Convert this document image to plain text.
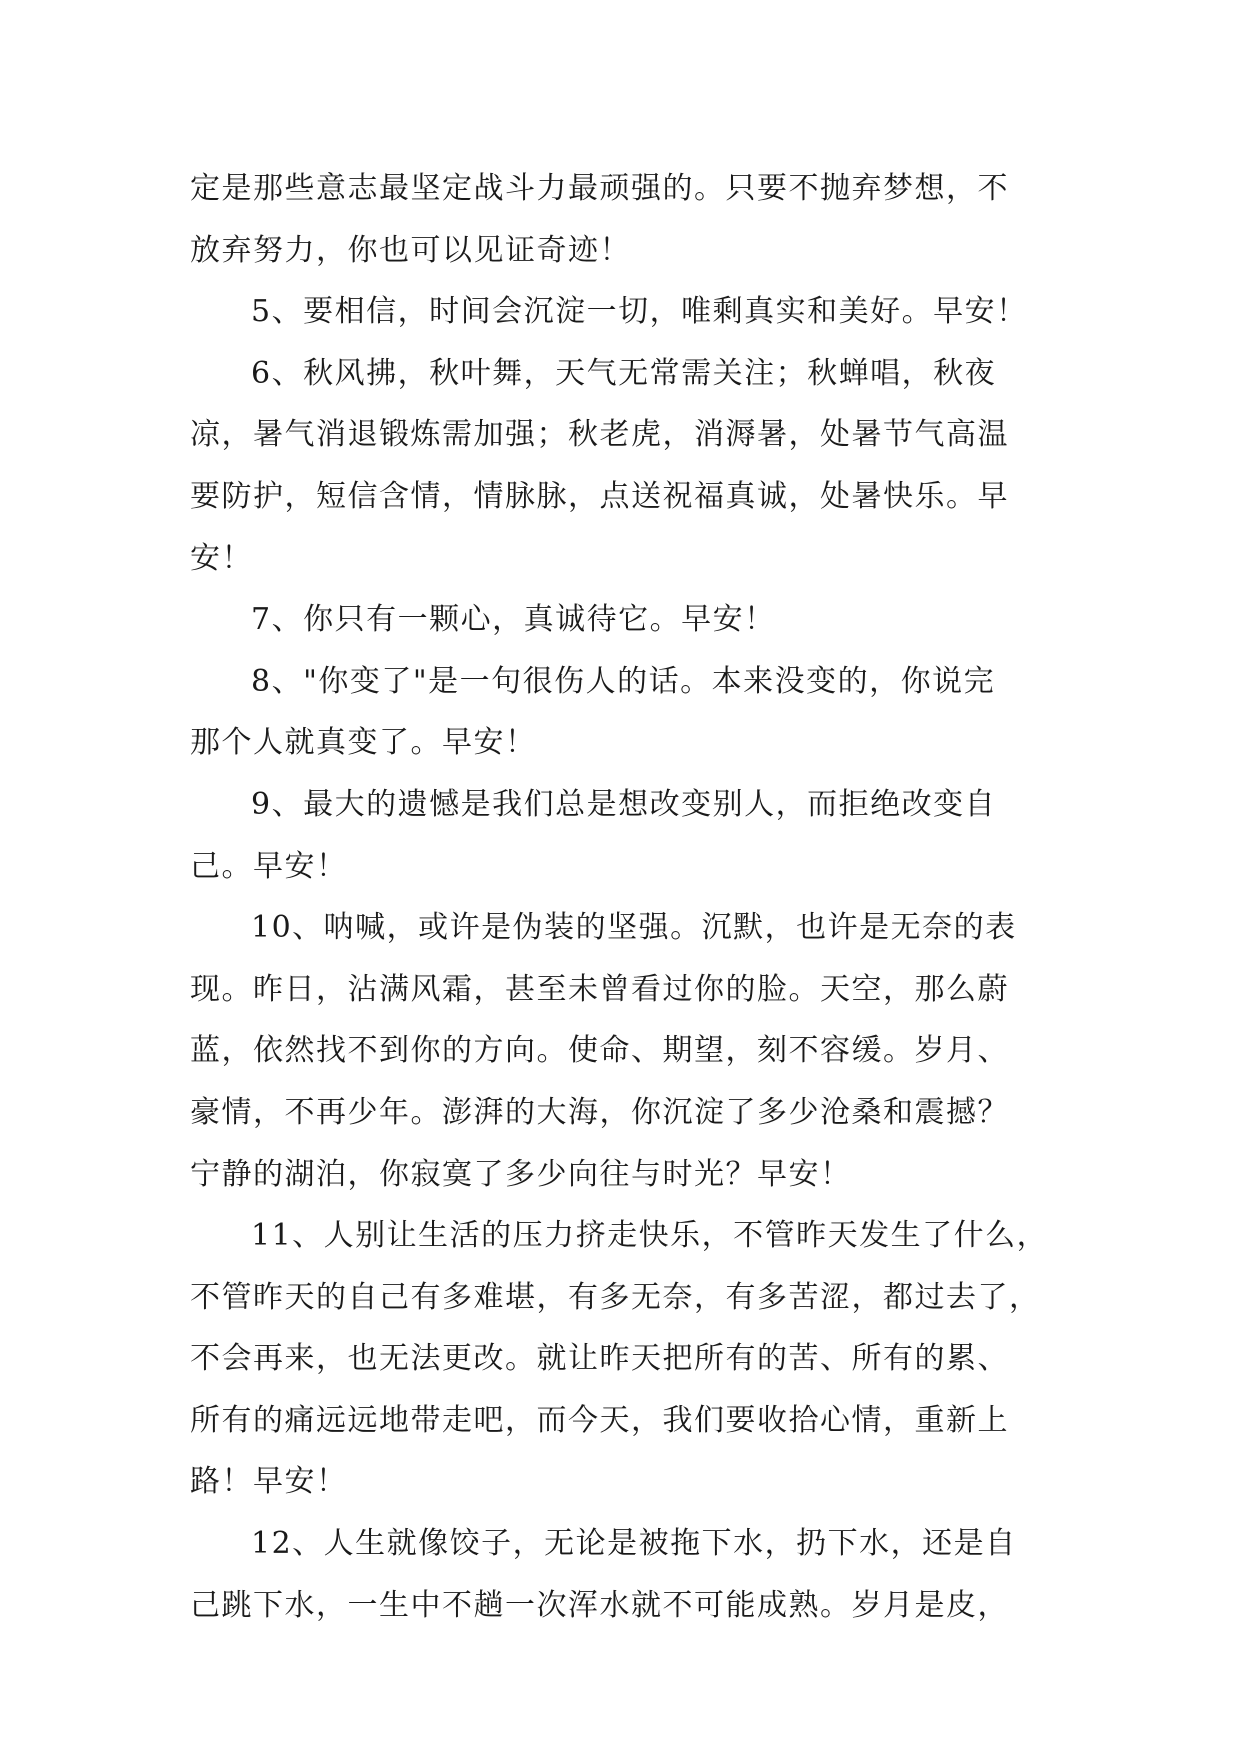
定是那些意志最坚定战斗力最顽强的。只要不抛弃梦想，不
放弃努力，你也可以见证奇迹！
5、要相信，时间会沉淀一切，唯剩真实和美好。早安！
6、秋风拂，秋叶舞，天气无常需关注；秋蝉唱，秋夜
凉，暑气消退锻炼需加强；秋老虎，消溽暑，处暑节气高温
要防护，短信含情，情脉脉，点送祝福真诚，处暑快乐。早
安！
7、你只有一颗心，真诚待它。早安！
8、"你变了"是一句很伤人的话。本来没变的，你说完
那个人就真变了。早安！
9、最大的遗憾是我们总是想改变别人，而拒绝改变自
己。早安！
10、呐喊，或许是伪装的坚强。沉默，也许是无奈的表
现。昨日，沾满风霜，甚至未曾看过你的脸。天空，那么蔚
蓝，依然找不到你的方向。使命、期望，刻不容缓。岁月、
豪情，不再少年。澎湃的大海，你沉淀了多少沧桑和震撼？
宁静的湖泊，你寂寞了多少向往与时光？早安！
11、人别让生活的压力挤走快乐，不管昨天发生了什么，
不管昨天的自己有多难堪，有多无奈，有多苦涩，都过去了，
不会再来，也无法更改。就让昨天把所有的苦、所有的累、
所有的痛远远地带走吧，而今天，我们要收拾心情，重新上
路！早安！
12、人生就像饺子，无论是被拖下水，扔下水，还是自
己跳下水，一生中不趟一次浑水就不可能成熟。岁月是皮，
